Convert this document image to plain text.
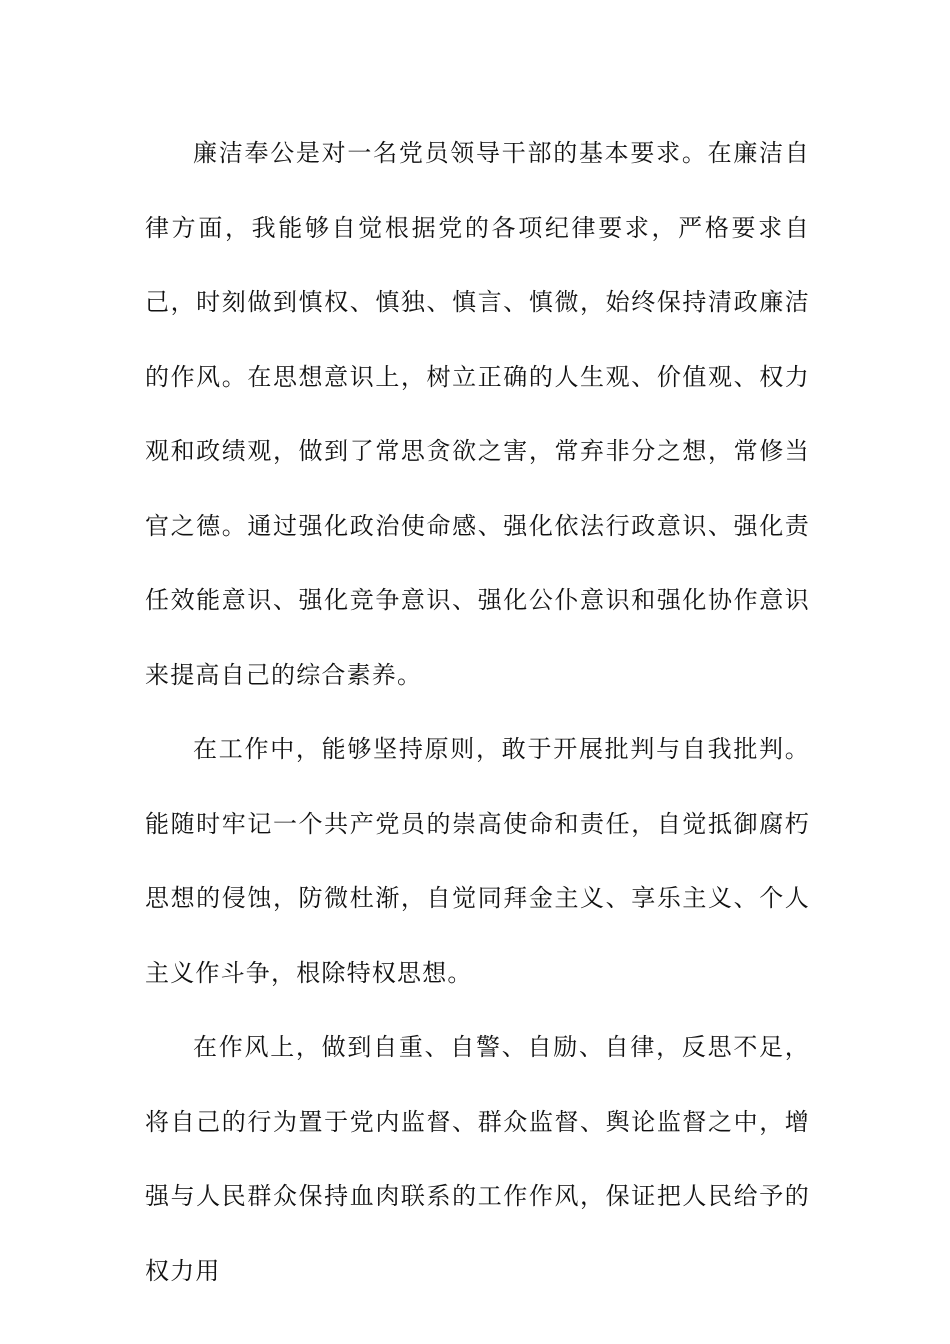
廉洁奉公是对一名党员领导干部的基本要求。在廉洁自律方面，我能够自觉根据党的各项纪律要求，严格要求自己，时刻做到慎权、慎独、慎言、慎微，始终保持清政廉洁的作风。在思想意识上，树立正确的人生观、价值观、权力观和政绩观，做到了常思贪欲之害，常弃非分之想，常修当官之德。通过强化政治使命感、强化依法行政意识、强化责任效能意识、强化竞争意识、强化公仆意识和强化协作意识来提高自己的综合素养。

在工作中，能够坚持原则，敢于开展批判与自我批判。能随时牢记一个共产党员的崇高使命和责任，自觉抵御腐朽思想的侵蚀，防微杜渐，自觉同拜金主义、享乐主义、个人主义作斗争，根除特权思想。

在作风上，做到自重、自警、自励、自律，反思不足，将自己的行为置于党内监督、群众监督、舆论监督之中，增强与人民群众保持血肉联系的工作作风，保证把人民给予的权力用
